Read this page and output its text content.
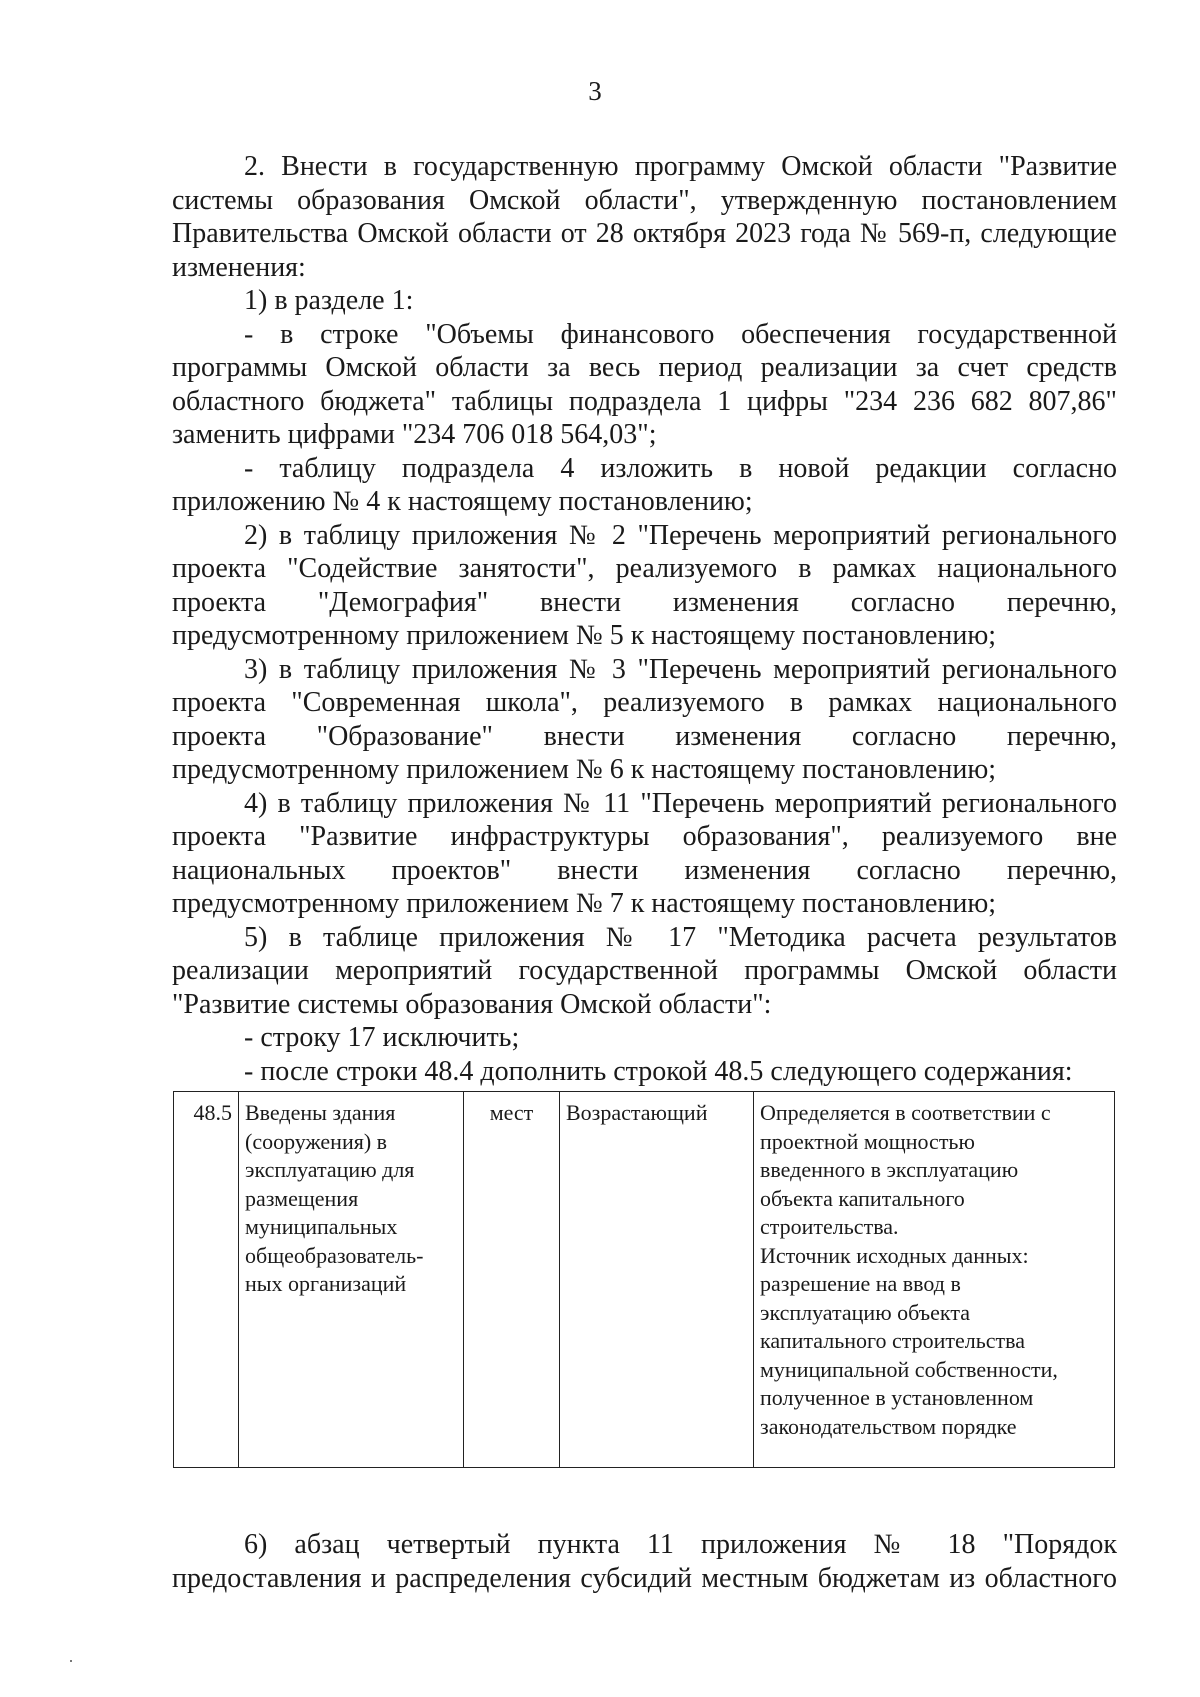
3
2. Внести в государственную программу Омской области "Развитие
системы образования Омской области", утвержденную постановлением
Правительства Омской области от 28 октября 2023 года № 569-п, следующие
изменения:
1) в разделе 1:
- в строке "Объемы финансового обеспечения государственной
программы Омской области за весь период реализации за счет средств
областного бюджета" таблицы подраздела 1 цифры "234 236 682 807,86"
заменить цифрами "234 706 018 564,03";
- таблицу подраздела 4 изложить в новой редакции согласно
приложению № 4 к настоящему постановлению;
2) в таблицу приложения № 2 "Перечень мероприятий регионального
проекта "Содействие занятости", реализуемого в рамках национального
проекта "Демография" внести изменения согласно перечню,
предусмотренному приложением № 5 к настоящему постановлению;
3) в таблицу приложения № 3 "Перечень мероприятий регионального
проекта "Современная школа", реализуемого в рамках национального
проекта "Образование" внести изменения согласно перечню,
предусмотренному приложением № 6 к настоящему постановлению;
4) в таблицу приложения № 11 "Перечень мероприятий регионального
проекта "Развитие инфраструктуры образования", реализуемого вне
национальных проектов" внести изменения согласно перечню,
предусмотренному приложением № 7 к настоящему постановлению;
5) в таблице приложения № 17 "Методика расчета результатов
реализации мероприятий государственной программы Омской области
"Развитие системы образования Омской области":
- строку 17 исключить;
- после строки 48.4 дополнить строкой 48.5 следующего содержания:
48.5	Введены здания
(сооружения) в
эксплуатацию для
размещения
муниципальных
общеобразователь-
ных организаций
	мест	Возрастающий	Определяется в соответствии с
проектной мощностью
введенного в эксплуатацию
объекта капитального
строительства.
Источник исходных данных:
разрешение на ввод в
эксплуатацию объекта
капитального строительства
муниципальной собственности,
полученное в установленном
законодательством порядке
6) абзац четвертый пункта 11 приложения № 18 "Порядок
предоставления и распределения субсидий местным бюджетам из областного
